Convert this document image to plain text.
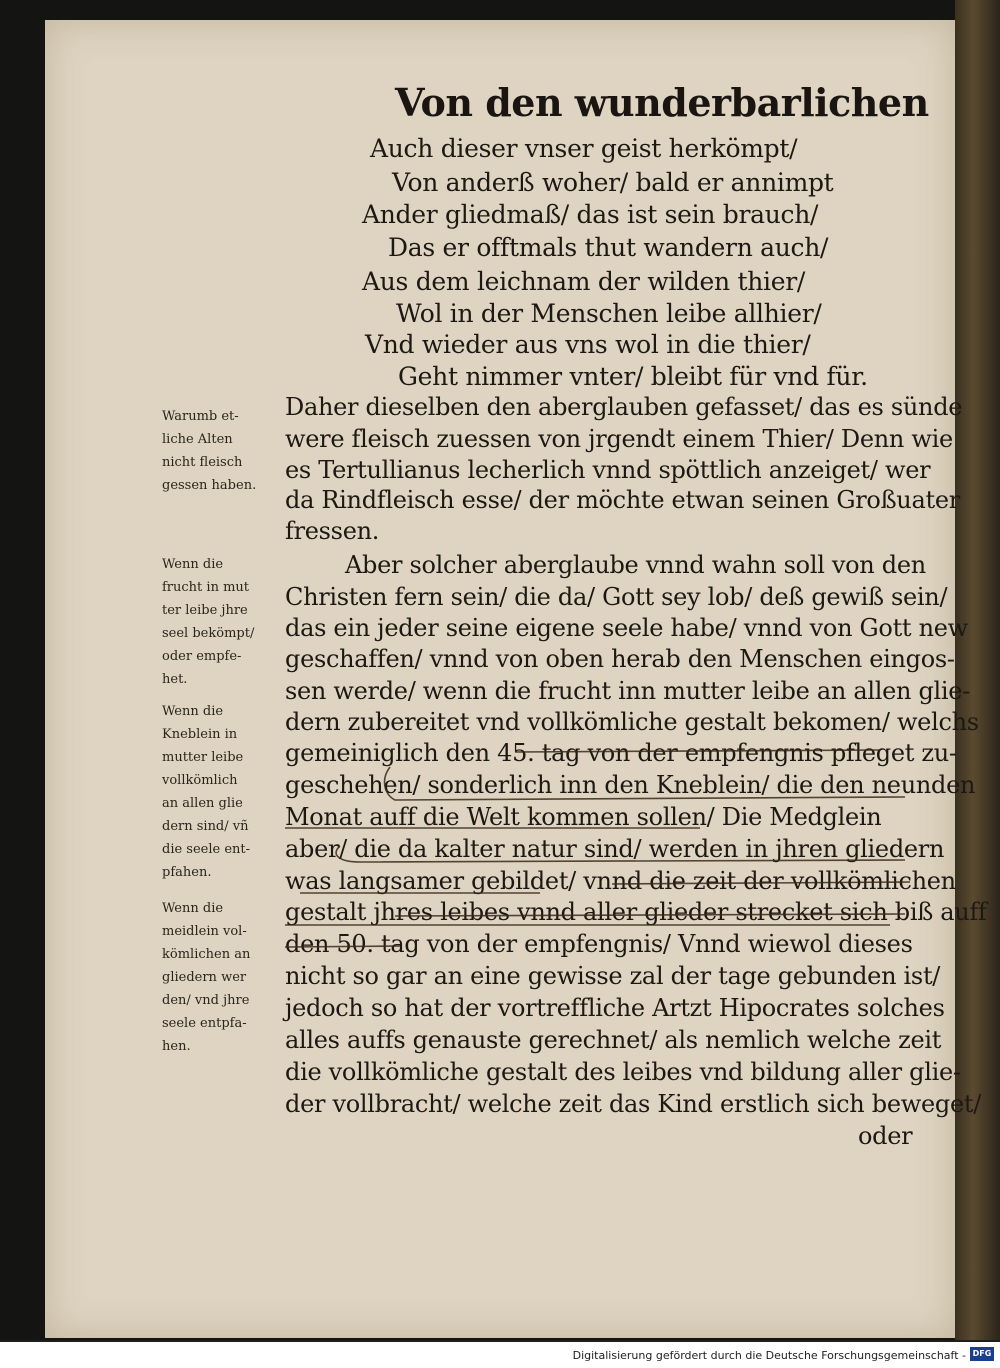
Von den wunderbarlichen
Auch dieser vnser geist herkömpt/
Von anderß woher/ bald er annimpt
Ander gliedmaß/ das ist sein brauch/
Das er offtmals thut wandern auch/
Aus dem leichnam der wilden thier/
Wol in der Menschen leibe allhier/
Vnd wieder aus vns wol in die thier/
Geht nimmer vnter/ bleibt für vnd für.
Daher dieselben den aberglauben gefasset/ das es sünde
were fleisch zuessen von jrgendt einem Thier/ Denn wie
es Tertullianus lecherlich vnnd spöttlich anzeiget/ wer
da Rindfleisch esse/ der möchte etwan seinen Großuater
fressen.
Aber solcher aberglaube vnnd wahn soll von den
Christen fern sein/ die da/ Gott sey lob/ deß gewiß sein/
das ein jeder seine eigene seele habe/ vnnd von Gott new
geschaffen/ vnnd von oben herab den Menschen eingos-
sen werde/ wenn die frucht inn mutter leibe an allen glie-
dern zubereitet vnd vollkömliche gestalt bekomen/ welchs
gemeiniglich den 45. tag von der empfengnis pfleget zu-
geschehen/ sonderlich inn den Kneblein/ die den neunden
Monat auff die Welt kommen sollen/ Die Medglein
aber/ die da kalter natur sind/ werden in jhren gliedern
was langsamer gebildet/ vnnd die zeit der vollkömlichen
gestalt jhres leibes vnnd aller glieder strecket sich biß auff
den 50. tag von der empfengnis/ Vnnd wiewol dieses
nicht so gar an eine gewisse zal der tage gebunden ist/
jedoch so hat der vortreffliche Artzt Hipocrates solches
alles auffs genauste gerechnet/ als nemlich welche zeit
die vollkömliche gestalt des leibes vnd bildung aller glie-
der vollbracht/ welche zeit das Kind erstlich sich beweget/
oder
Warumb et-
liche Alten
nicht fleisch
gessen haben.
Wenn die
frucht in mut
ter leibe jhre
seel bekömpt/
oder empfe-
het.
Wenn die
Kneblein in
mutter leibe
vollkömlich
an allen glie
dern sind/ vñ
die seele ent-
pfahen.
Wenn die
meidlein vol-
kömlichen an
gliedern wer
den/ vnd jhre
seele entpfa-
hen.
Digitalisierung gefördert durch die Deutsche Forschungsgemeinschaft - DFG
